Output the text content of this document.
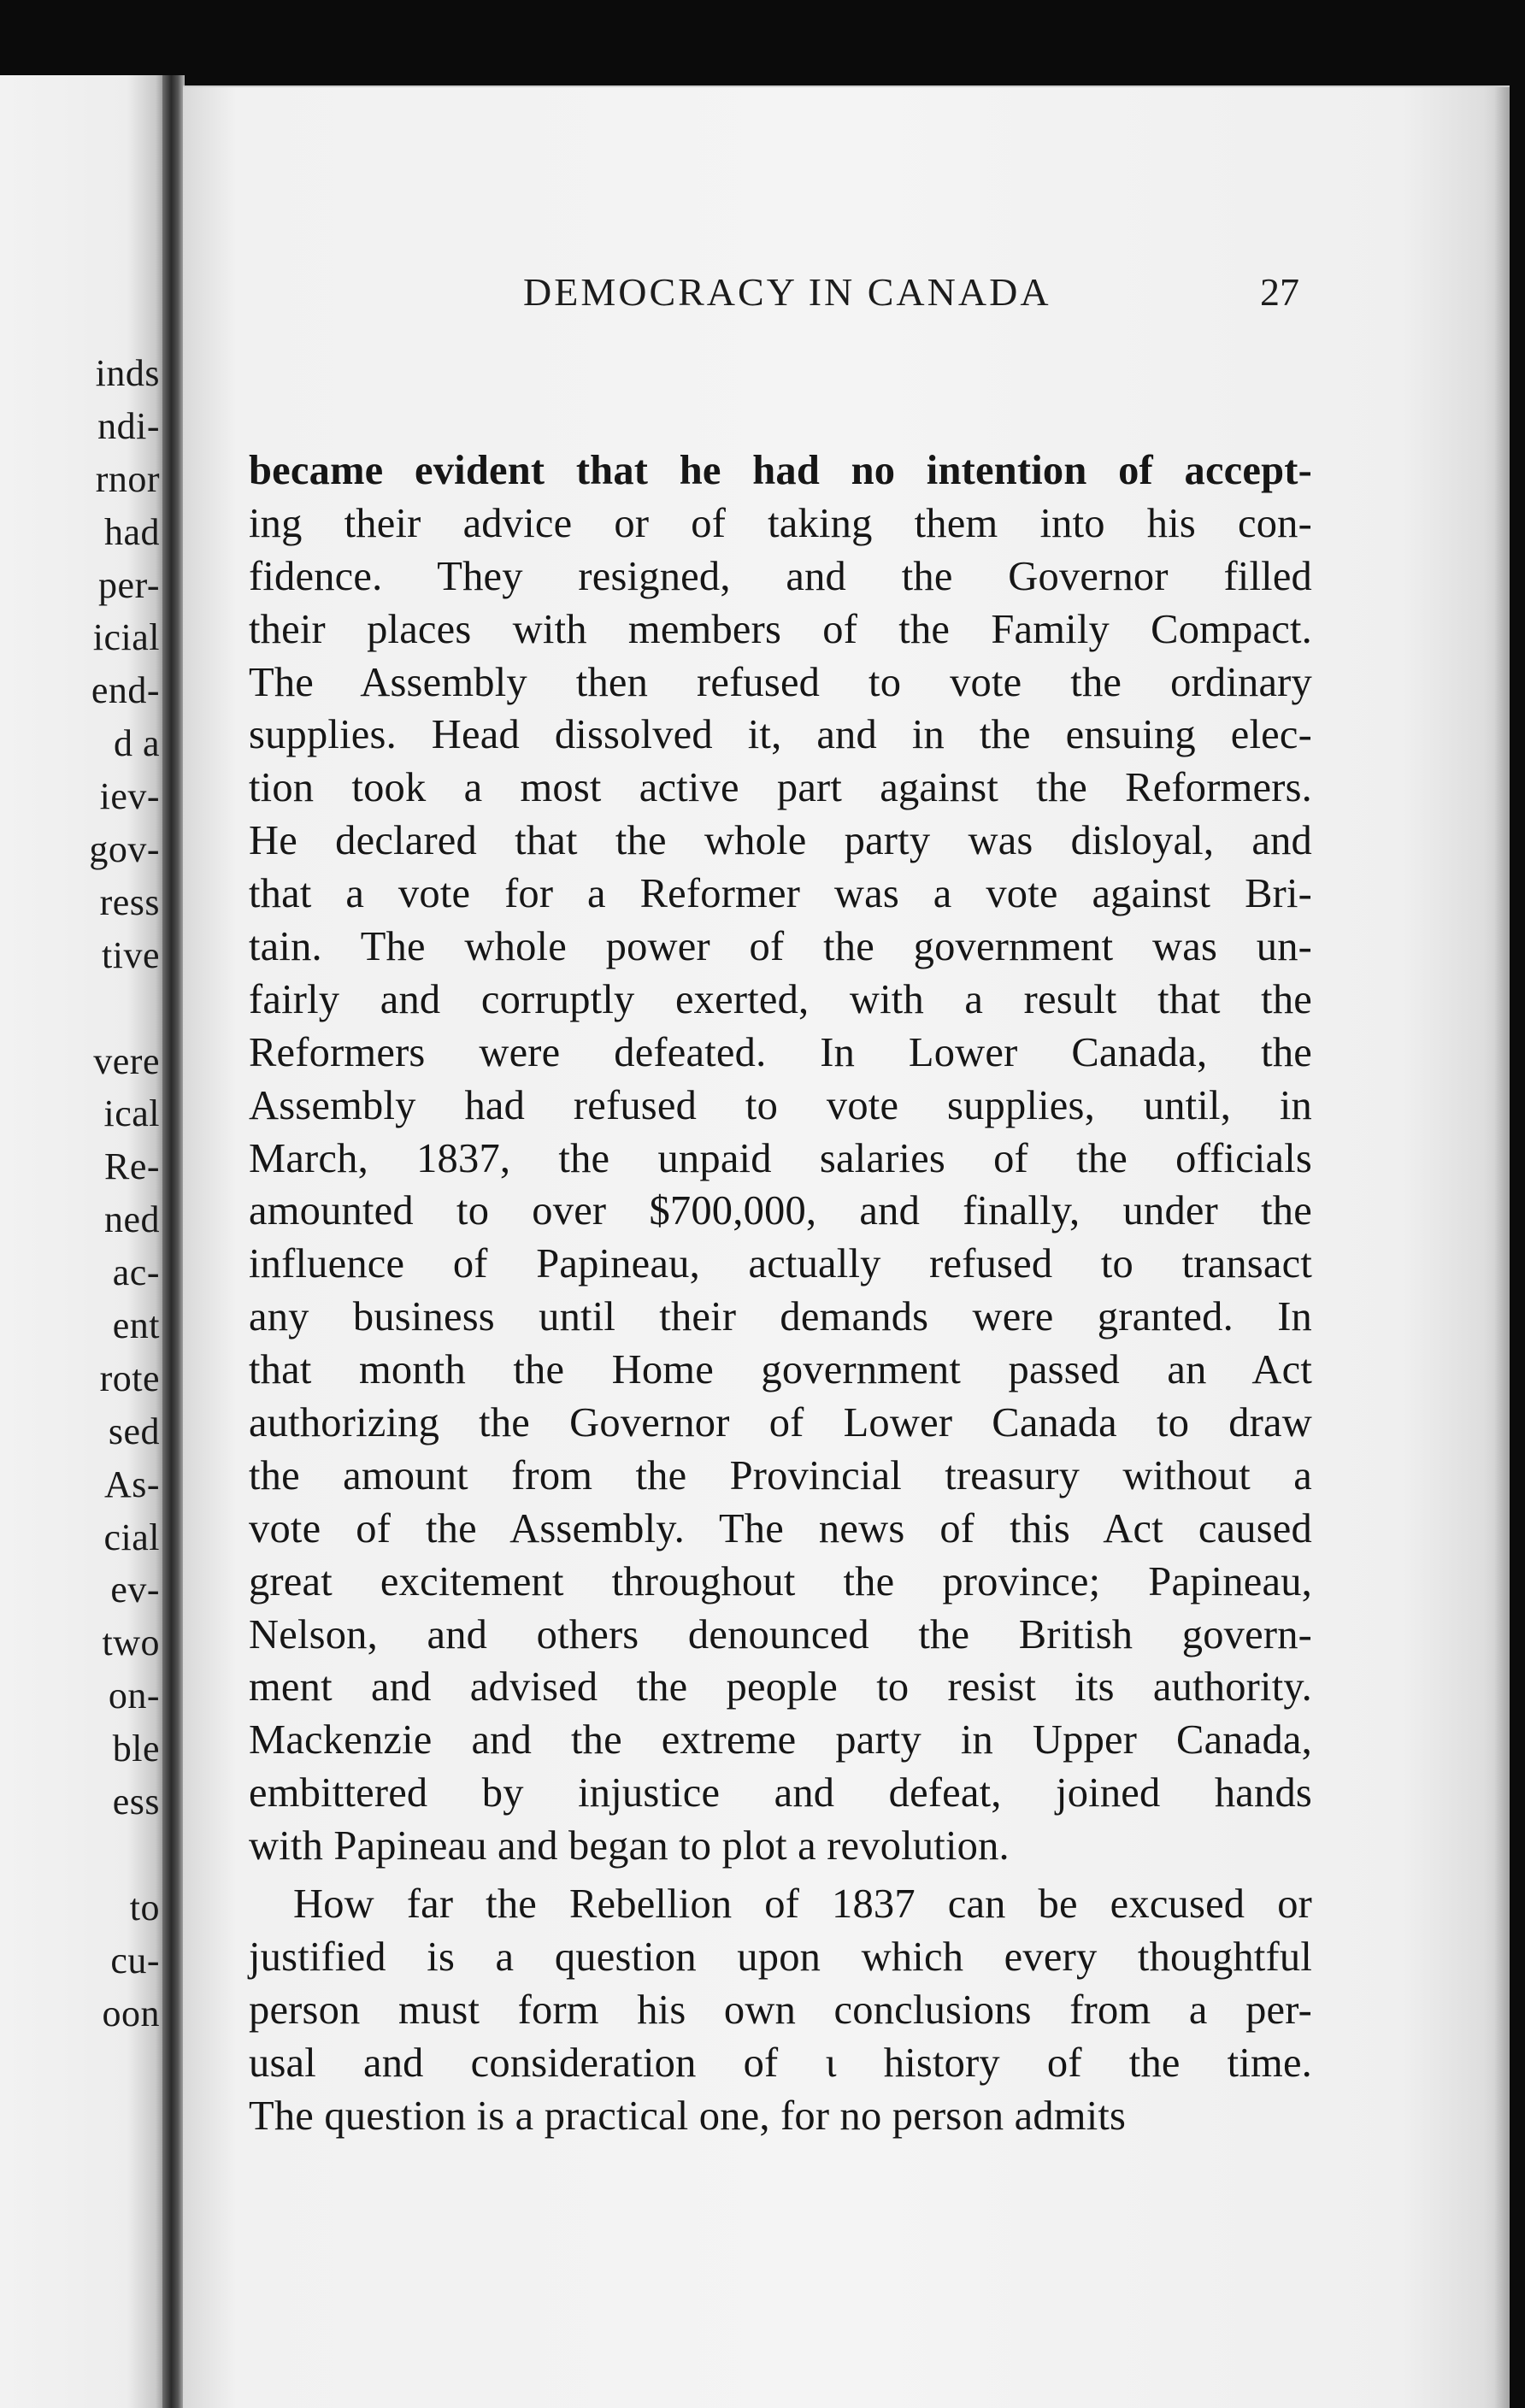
inds
ndi-
rnor
had
per-
icial
end-
d a
iev-
gov-
ress
tive
vere
ical
Re-
ned
ac-
ent
rote
sed
As-
cial
ev-
two
on-
ble
ess
to
cu-
oon
DEMOCRACY IN CANADA	27
became evident that he had no intention of accept-
ing their advice or of taking them into his con-
fidence. They resigned, and the Governor filled
their places with members of the Family Compact.
The Assembly then refused to vote the ordinary
supplies. Head dissolved it, and in the ensuing elec-
tion took a most active part against the Reformers.
He declared that the whole party was disloyal, and
that a vote for a Reformer was a vote against Bri-
tain. The whole power of the government was un-
fairly and corruptly exerted, with a result that the
Reformers were defeated. In Lower Canada, the
Assembly had refused to vote supplies, until, in
March, 1837, the unpaid salaries of the officials
amounted to over $700,000, and finally, under the
influence of Papineau, actually refused to transact
any business until their demands were granted. In
that month the Home government passed an Act
authorizing the Governor of Lower Canada to draw
the amount from the Provincial treasury without a
vote of the Assembly. The news of this Act caused
great excitement throughout the province; Papineau,
Nelson, and others denounced the British govern-
ment and advised the people to resist its authority.
Mackenzie and the extreme party in Upper Canada,
embittered by injustice and defeat, joined hands
with Papineau and began to plot a revolution.
How far the Rebellion of 1837 can be excused or
justified is a question upon which every thoughtful
person must form his own conclusions from a per-
usal and consideration of ι history of the time.
The question is a practical one, for no person admits
